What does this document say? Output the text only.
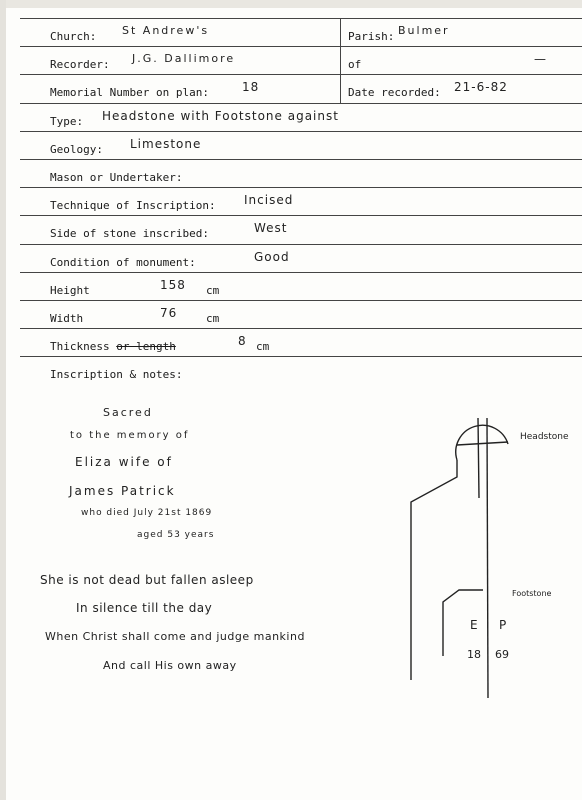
Church: St Andrew's	Parish: Bulmer
Recorder: J.G. Dallimore	of	—
Memorial Number on plan:	18	Date recorded: 21-6-82
Type: Headstone with Footstone against
Geology: Limestone
Mason or Undertaker:
Technique of Inscription: Incised
Side of stone inscribed:	West
Condition of monument:	Good
Height	158 cm
Width	76	cm
Thickness or length	8 cm
Inscription & notes:
Sacred
to the memory of
Eliza wife of
James Patrick
who died July 21st 1869
aged 53 years
She is not dead but fallen asleep
In silence till the day
When Christ shall come and judge mankind
And call His own away
Headstone
Footstone
E P
18 69
